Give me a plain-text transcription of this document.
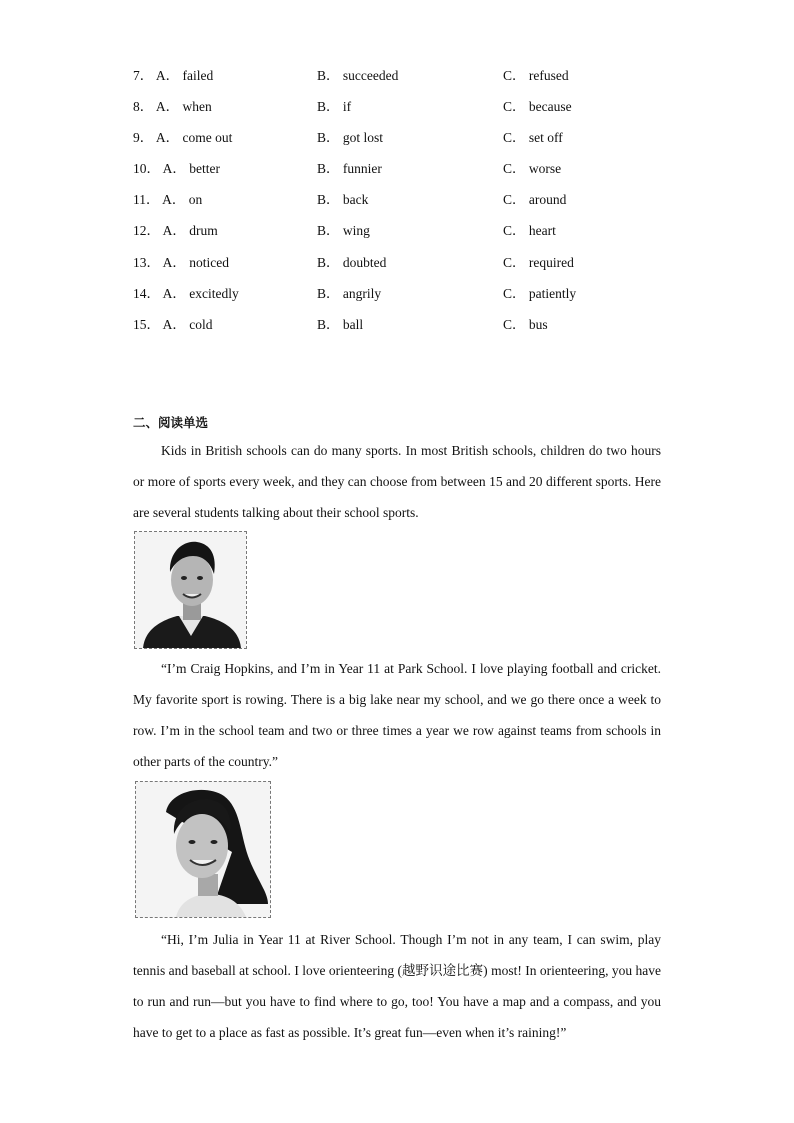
7． A． failed	B． succeeded	C． refused
8． A． when	B． if	C． because
9． A． come out	B． got lost	C． set off
10． A． better	B． funnier	C． worse
11． A． on	B． back	C． around
12． A． drum	B． wing	C． heart
13． A． noticed	B． doubted	C． required
14． A． excitedly	B． angrily	C． patiently
15． A． cold	B． ball	C． bus
二、阅读单选

Kids in British schools can do many sports. In most British schools, children do two hours or more of sports every week, and they can choose from between 15 and 20 different sports. Here are several students talking about their school sports.

“I’m Craig Hopkins, and I’m in Year 11 at Park School. I love playing football and cricket. My favorite sport is rowing. There is a big lake near my school, and we go there once a week to row. I’m in the school team and two or three times a year we row against teams from schools in other parts of the country.”

“Hi, I’m Julia in Year 11 at River School. Though I’m not in any team, I can swim, play tennis and baseball at school. I love orienteering (越野识途比赛) most! In orienteering, you have to run and run—but you have to find where to go, too! You have a map and a compass, and you have to get to a place as fast as possible. It’s great fun—even when it’s raining!”
